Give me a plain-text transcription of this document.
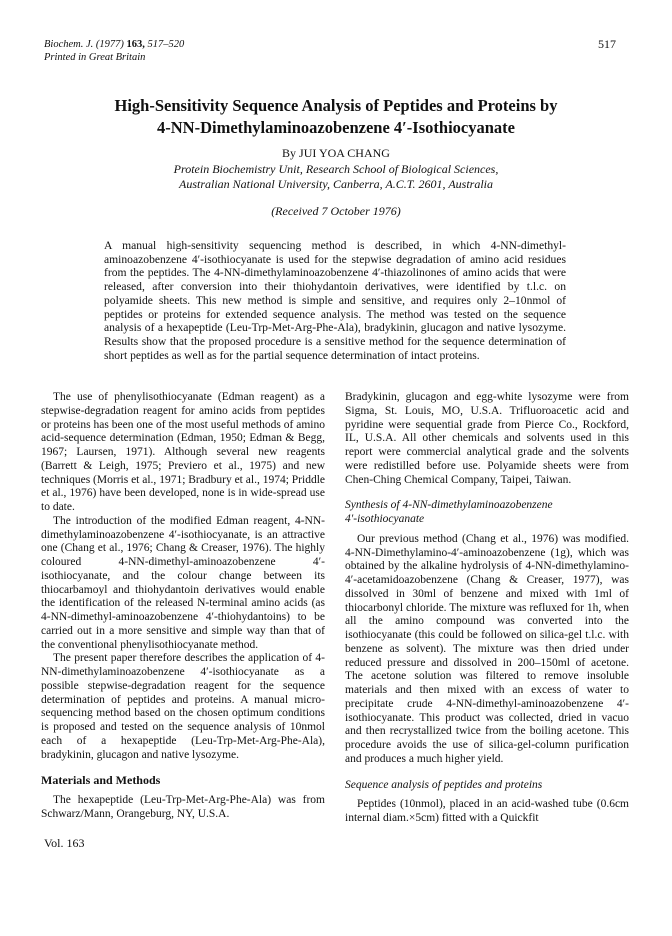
Biochem. J. (1977) 163, 517–520
Printed in Great Britain
517
High-Sensitivity Sequence Analysis of Peptides and Proteins by
4-NN-Dimethylaminoazobenzene 4′-Isothiocyanate
By JUI YOA CHANG
Protein Biochemistry Unit, Research School of Biological Sciences,
Australian National University, Canberra, A.C.T. 2601, Australia
(Received 7 October 1976)
A manual high-sensitivity sequencing method is described, in which 4-NN-dimethyl-aminoazobenzene 4′-isothiocyanate is used for the stepwise degradation of amino acid residues from the peptides. The 4-NN-dimethylaminoazobenzene 4′-thiazolinones of amino acids that were released, after conversion into their thiohydantoin derivatives, were identified by t.l.c. on polyamide sheets. This new method is simple and sensitive, and requires only 2–10nmol of peptides or proteins for extended sequence analysis. The method was tested on the sequence analysis of a hexapeptide (Leu-Trp-Met-Arg-Phe-Ala), bradykinin, glucagon and native lysozyme. Results show that the proposed procedure is a sensitive method for the sequence determination of short peptides as well as for the partial sequence determination of intact proteins.

The use of phenylisothiocyanate (Edman reagent) as a stepwise-degradation reagent for amino acids from peptides or proteins has been one of the most useful methods of amino acid-sequence determination (Edman, 1950; Edman & Begg, 1967; Laursen, 1971). Although several new reagents (Barrett & Leigh, 1975; Previero et al., 1975) and new techniques (Morris et al., 1971; Bradbury et al., 1974; Priddle et al., 1976) have been developed, none is in wide-spread use to date.

The introduction of the modified Edman reagent, 4-NN-dimethylaminoazobenzene 4′-isothiocyanate, is an attractive one (Chang et al., 1976; Chang & Creaser, 1976). The highly coloured 4-NN-dimethyl-aminoazobenzene 4′-isothiocyanate, and the colour change between its thiocarbamoyl and thiohydantoin derivatives would enable the identification of the released N-terminal amino acids (as 4-NN-dimethyl-aminoazobenzene 4′-thiohydantoins) to be carried out in a more sensitive and simple way than that of the conventional phenylisothiocyanate method.

The present paper therefore describes the application of 4-NN-dimethylaminoazobenzene 4′-isothiocyanate as a possible stepwise-degradation reagent for the sequence determination of peptides and proteins. A manual micro-sequencing method based on the chosen optimum conditions is proposed and tested on the sequence analysis of 10nmol each of a hexapeptide (Leu-Trp-Met-Arg-Phe-Ala), bradykinin, glucagon and native lysozyme.

Materials and Methods

The hexapeptide (Leu-Trp-Met-Arg-Phe-Ala) was from Schwarz/Mann, Orangeburg, NY, U.S.A.

Bradykinin, glucagon and egg-white lysozyme were from Sigma, St. Louis, MO, U.S.A. Trifluoroacetic acid and pyridine were sequential grade from Pierce Co., Rockford, IL, U.S.A. All other chemicals and solvents used in this report were commercial analytical grade and the solvents were redistilled before use. Polyamide sheets were from Chen-Ching Chemical Company, Taipei, Taiwan.

Synthesis of 4-NN-dimethylaminoazobenzene
4′-isothiocyanate

Our previous method (Chang et al., 1976) was modified. 4-NN-Dimethylamino-4′-aminoazobenzene (1g), which was obtained by the alkaline hydrolysis of 4-NN-dimethylamino-4′-acetamidoazobenzene (Chang & Creaser, 1977), was dissolved in 30ml of benzene and mixed with 1ml of thiocarbonyl chloride. The mixture was refluxed for 1h, when all the amino compound was converted into the isothiocyanate (this could be followed on silica-gel t.l.c. with benzene as solvent). The mixture was then dried under reduced pressure and dissolved in 200–150ml of acetone. The acetone solution was filtered to remove insoluble materials and then mixed with an excess of water to precipitate crude 4-NN-dimethyl-aminoazobenzene 4′-isothiocyanate. This product was collected, dried in vacuo and then recrystallized twice from the boiling acetone. This procedure avoids the use of silica-gel-column purification and produces a much higher yield.

Sequence analysis of peptides and proteins

Peptides (10nmol), placed in an acid-washed tube (0.6cm internal diam.×5cm) fitted with a Quickfit

Vol. 163
